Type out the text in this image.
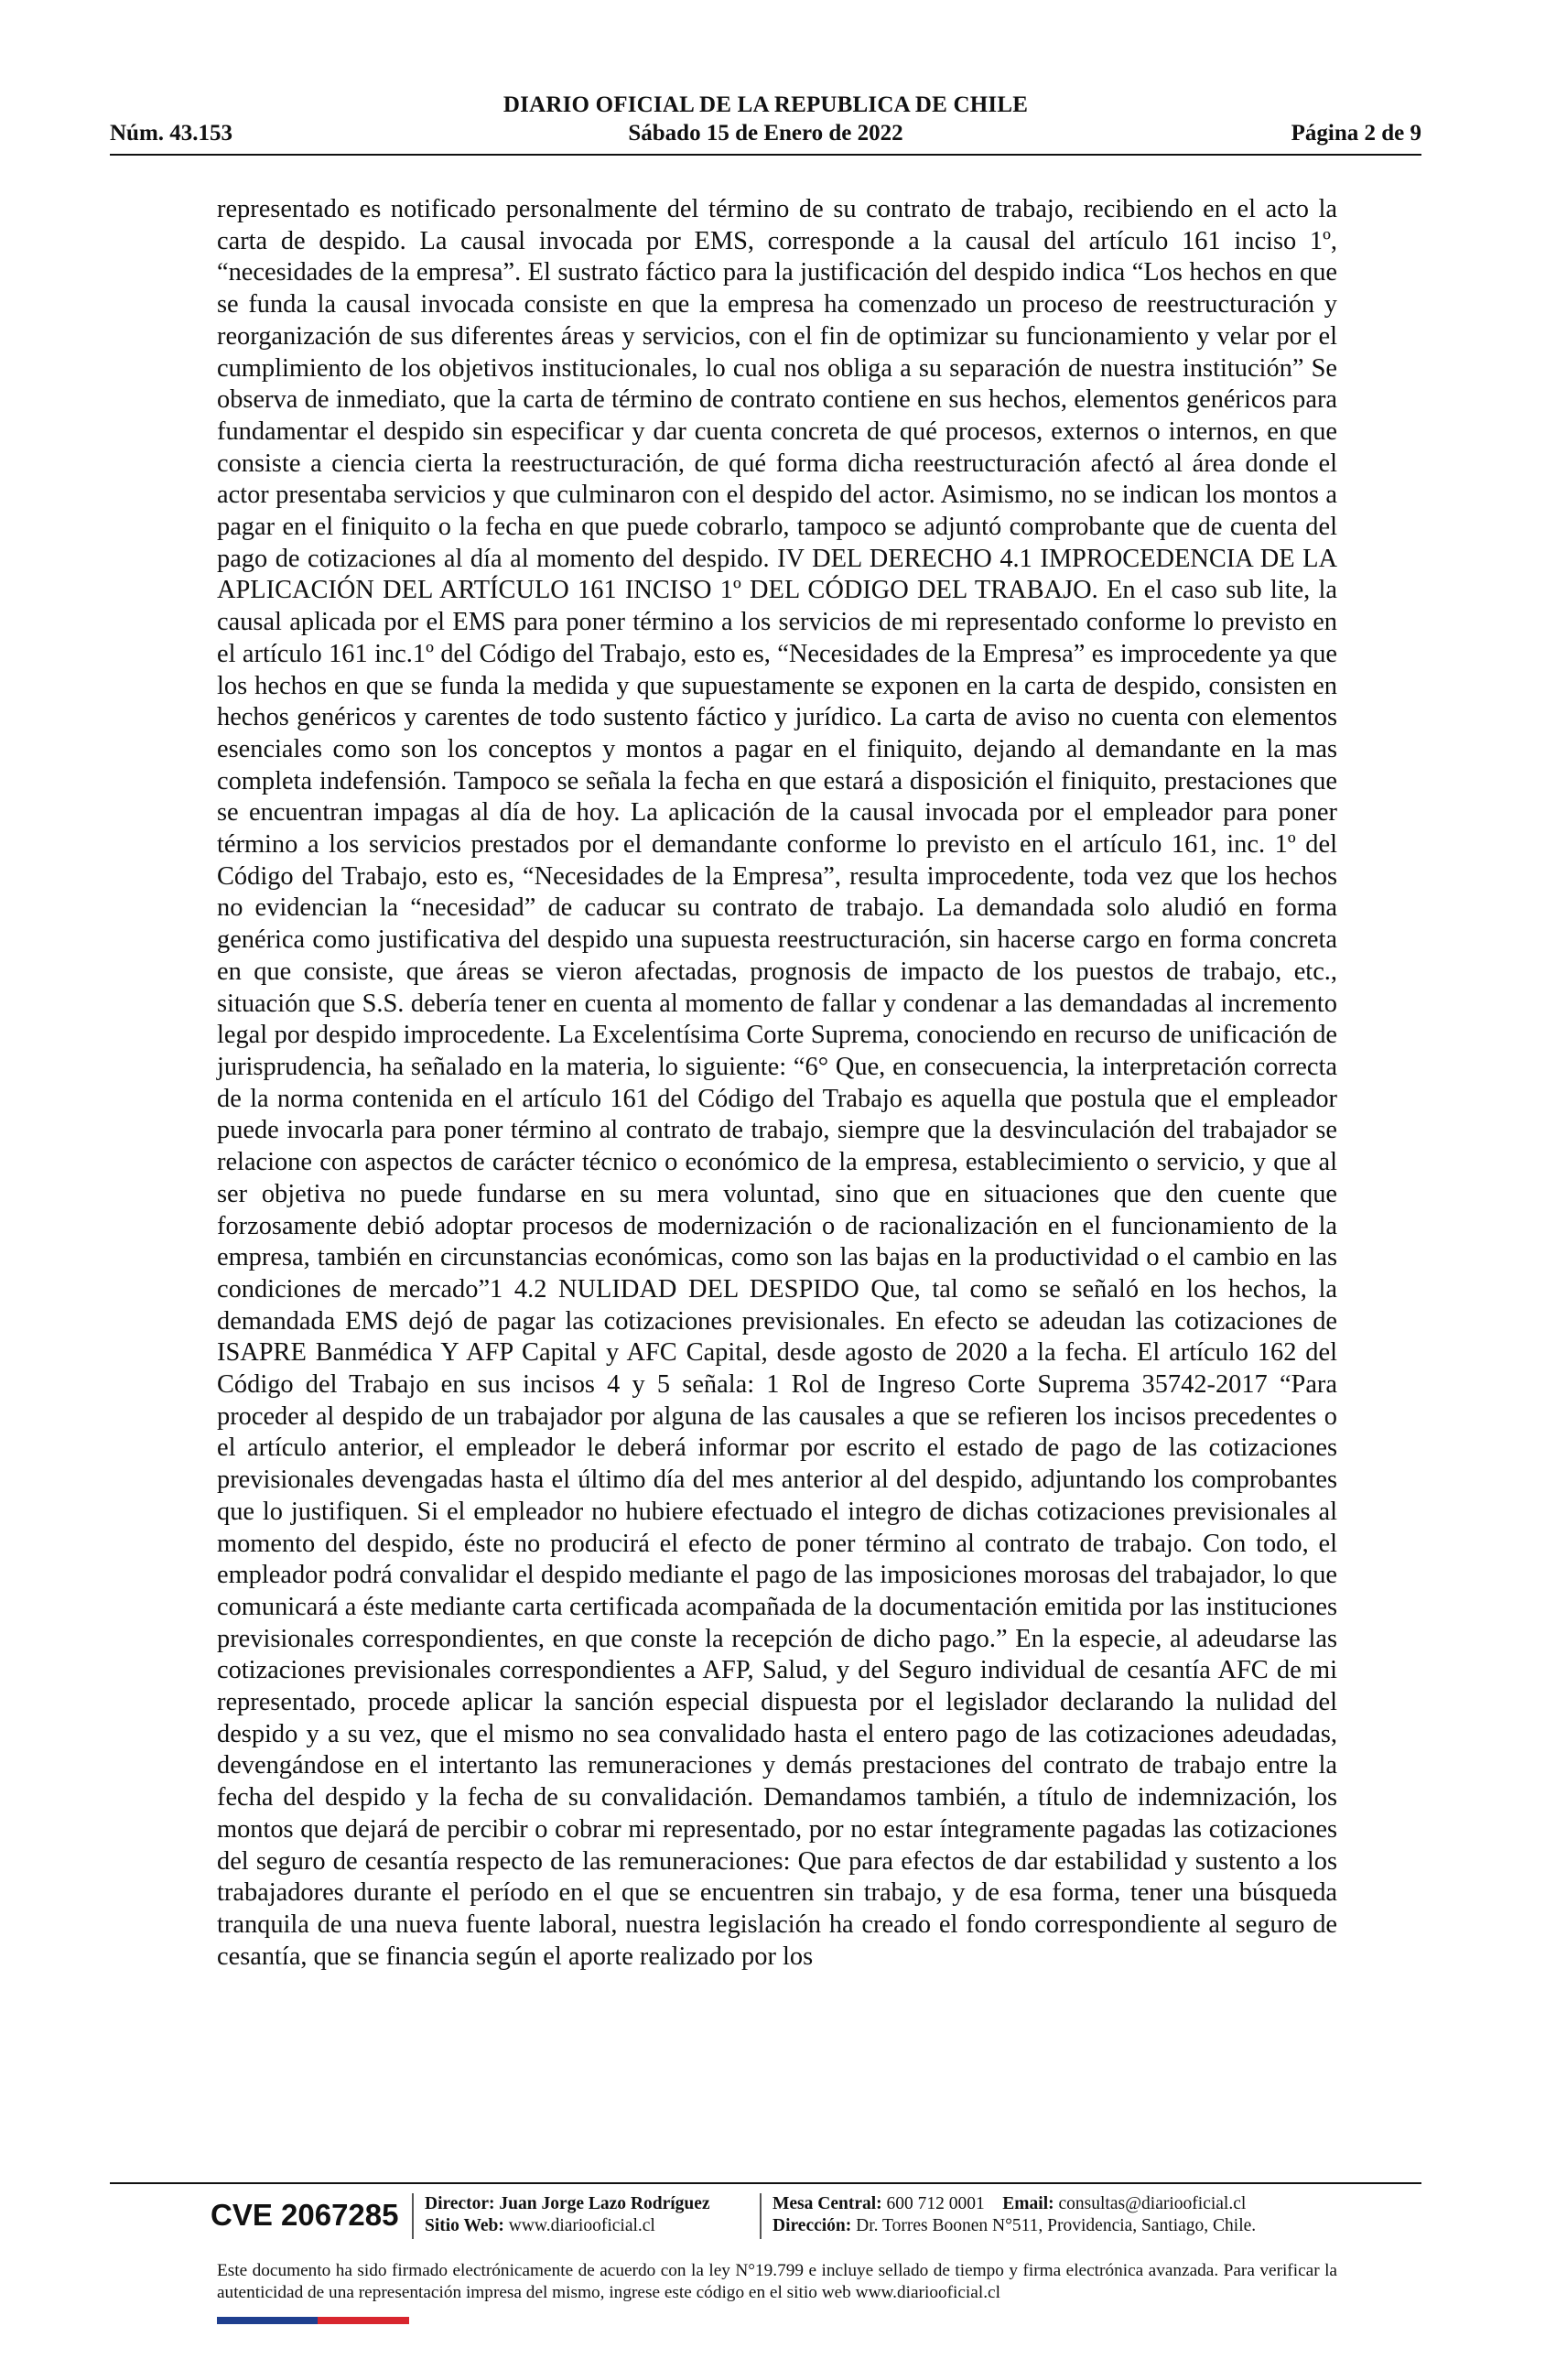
DIARIO OFICIAL DE LA REPUBLICA DE CHILE
Núm. 43.153	Sábado 15 de Enero de 2022	Página 2 de 9
representado es notificado personalmente del término de su contrato de trabajo, recibiendo en el acto la carta de despido. La causal invocada por EMS, corresponde a la causal del artículo 161 inciso 1º, “necesidades de la empresa”. El sustrato fáctico para la justificación del despido indica “Los hechos en que se funda la causal invocada consiste en que la empresa ha comenzado un proceso de reestructuración y reorganización de sus diferentes áreas y servicios, con el fin de optimizar su funcionamiento y velar por el cumplimiento de los objetivos institucionales, lo cual nos obliga a su separación de nuestra institución” Se observa de inmediato, que la carta de término de contrato contiene en sus hechos, elementos genéricos para fundamentar el despido sin especificar y dar cuenta concreta de qué procesos, externos o internos, en que consiste a ciencia cierta la reestructuración, de qué forma dicha reestructuración afectó al área donde el actor presentaba servicios y que culminaron con el despido del actor. Asimismo, no se indican los montos a pagar en el finiquito o la fecha en que puede cobrarlo, tampoco se adjuntó comprobante que de cuenta del pago de cotizaciones al día al momento del despido. IV DEL DERECHO 4.1 IMPROCEDENCIA DE LA APLICACIÓN DEL ARTÍCULO 161 INCISO 1º DEL CÓDIGO DEL TRABAJO. En el caso sub lite, la causal aplicada por el EMS para poner término a los servicios de mi representado conforme lo previsto en el artículo 161 inc.1º del Código del Trabajo, esto es, “Necesidades de la Empresa” es improcedente ya que los hechos en que se funda la medida y que supuestamente se exponen en la carta de despido, consisten en hechos genéricos y carentes de todo sustento fáctico y jurídico. La carta de aviso no cuenta con elementos esenciales como son los conceptos y montos a pagar en el finiquito, dejando al demandante en la mas completa indefensión. Tampoco se señala la fecha en que estará a disposición el finiquito, prestaciones que se encuentran impagas al día de hoy. La aplicación de la causal invocada por el empleador para poner término a los servicios prestados por el demandante conforme lo previsto en el artículo 161, inc. 1º del Código del Trabajo, esto es, “Necesidades de la Empresa”, resulta improcedente, toda vez que los hechos no evidencian la “necesidad” de caducar su contrato de trabajo. La demandada solo aludió en forma genérica como justificativa del despido una supuesta reestructuración, sin hacerse cargo en forma concreta en que consiste, que áreas se vieron afectadas, prognosis de impacto de los puestos de trabajo, etc., situación que S.S. debería tener en cuenta al momento de fallar y condenar a las demandadas al incremento legal por despido improcedente. La Excelentísima Corte Suprema, conociendo en recurso de unificación de jurisprudencia, ha señalado en la materia, lo siguiente: “6° Que, en consecuencia, la interpretación correcta de la norma contenida en el artículo 161 del Código del Trabajo es aquella que postula que el empleador puede invocarla para poner término al contrato de trabajo, siempre que la desvinculación del trabajador se relacione con aspectos de carácter técnico o económico de la empresa, establecimiento o servicio, y que al ser objetiva no puede fundarse en su mera voluntad, sino que en situaciones que den cuente que forzosamente debió adoptar procesos de modernización o de racionalización en el funcionamiento de la empresa, también en circunstancias económicas, como son las bajas en la productividad o el cambio en las condiciones de mercado”1 4.2 NULIDAD DEL DESPIDO Que, tal como se señaló en los hechos, la demandada EMS dejó de pagar las cotizaciones previsionales. En efecto se adeudan las cotizaciones de ISAPRE Banmédica Y AFP Capital y AFC Capital, desde agosto de 2020 a la fecha. El artículo 162 del Código del Trabajo en sus incisos 4 y 5 señala: 1 Rol de Ingreso Corte Suprema 35742-2017 “Para proceder al despido de un trabajador por alguna de las causales a que se refieren los incisos precedentes o el artículo anterior, el empleador le deberá informar por escrito el estado de pago de las cotizaciones previsionales devengadas hasta el último día del mes anterior al del despido, adjuntando los comprobantes que lo justifiquen. Si el empleador no hubiere efectuado el integro de dichas cotizaciones previsionales al momento del despido, éste no producirá el efecto de poner término al contrato de trabajo. Con todo, el empleador podrá convalidar el despido mediante el pago de las imposiciones morosas del trabajador, lo que comunicará a éste mediante carta certificada acompañada de la documentación emitida por las instituciones previsionales correspondientes, en que conste la recepción de dicho pago.” En la especie, al adeudarse las cotizaciones previsionales correspondientes a AFP, Salud, y del Seguro individual de cesantía AFC de mi representado, procede aplicar la sanción especial dispuesta por el legislador declarando la nulidad del despido y a su vez, que el mismo no sea convalidado hasta el entero pago de las cotizaciones adeudadas, devengándose en el intertanto las remuneraciones y demás prestaciones del contrato de trabajo entre la fecha del despido y la fecha de su convalidación. Demandamos también, a título de indemnización, los montos que dejará de percibir o cobrar mi representado, por no estar íntegramente pagadas las cotizaciones del seguro de cesantía respecto de las remuneraciones: Que para efectos de dar estabilidad y sustento a los trabajadores durante el período en el que se encuentren sin trabajo, y de esa forma, tener una búsqueda tranquila de una nueva fuente laboral, nuestra legislación ha creado el fondo correspondiente al seguro de cesantía, que se financia según el aporte realizado por los
CVE 2067285 Director: Juan Jorge Lazo Rodríguez
Sitio Web: www.diariooficial.cl
Mesa Central: 600 712 0001 Email: consultas@diariooficial.cl
Dirección: Dr. Torres Boonen N°511, Providencia, Santiago, Chile.
Este documento ha sido firmado electrónicamente de acuerdo con la ley N°19.799 e incluye sellado de tiempo y firma electrónica avanzada. Para verificar la autenticidad de una representación impresa del mismo, ingrese este código en el sitio web www.diariooficial.cl
